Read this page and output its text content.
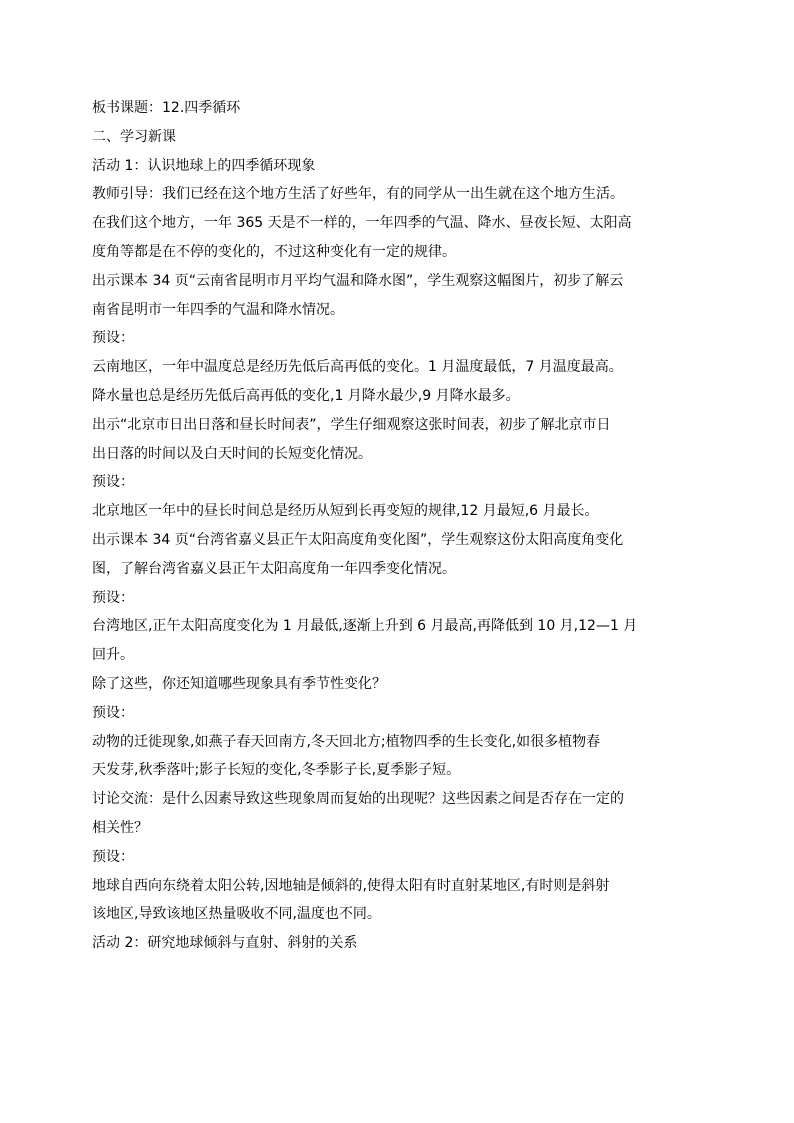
板书课题：12.四季循环
二、学习新课
活动 1：认识地球上的四季循环现象
教师引导：我们已经在这个地方生活了好些年，有的同学从一出生就在这个地方生活。
在我们这个地方，一年 365 天是不一样的，一年四季的气温、降水、昼夜长短、太阳高
度角等都是在不停的变化的，不过这种变化有一定的规律。
出示课本 34 页“云南省昆明市月平均气温和降水图”，学生观察这幅图片，初步了解云
南省昆明市一年四季的气温和降水情况。
预设：
云南地区，一年中温度总是经历先低后高再低的变化。1 月温度最低，7 月温度最高。
降水量也总是经历先低后高再低的变化,1 月降水最少,9 月降水最多。
出示“北京市日出日落和昼长时间表”，学生仔细观察这张时间表，初步了解北京市日
出日落的时间以及白天时间的长短变化情况。
预设：
北京地区一年中的昼长时间总是经历从短到长再变短的规律,12 月最短,6 月最长。
出示课本 34 页“台湾省嘉义县正午太阳高度角变化图”，学生观察这份太阳高度角变化
图，了解台湾省嘉义县正午太阳高度角一年四季变化情况。
预设：
台湾地区,正午太阳高度变化为 1 月最低,逐渐上升到 6 月最高,再降低到 10 月,12—1 月
回升。
除了这些，你还知道哪些现象具有季节性变化？
预设：
动物的迁徙现象,如燕子春天回南方,冬天回北方;植物四季的生长变化,如很多植物春
天发芽,秋季落叶;影子长短的变化,冬季影子长,夏季影子短。
讨论交流：是什么因素导致这些现象周而复始的出现呢？这些因素之间是否存在一定的
相关性？
预设：
地球自西向东绕着太阳公转,因地轴是倾斜的,使得太阳有时直射某地区,有时则是斜射
该地区,导致该地区热量吸收不同,温度也不同。
活动 2：研究地球倾斜与直射、斜射的关系
